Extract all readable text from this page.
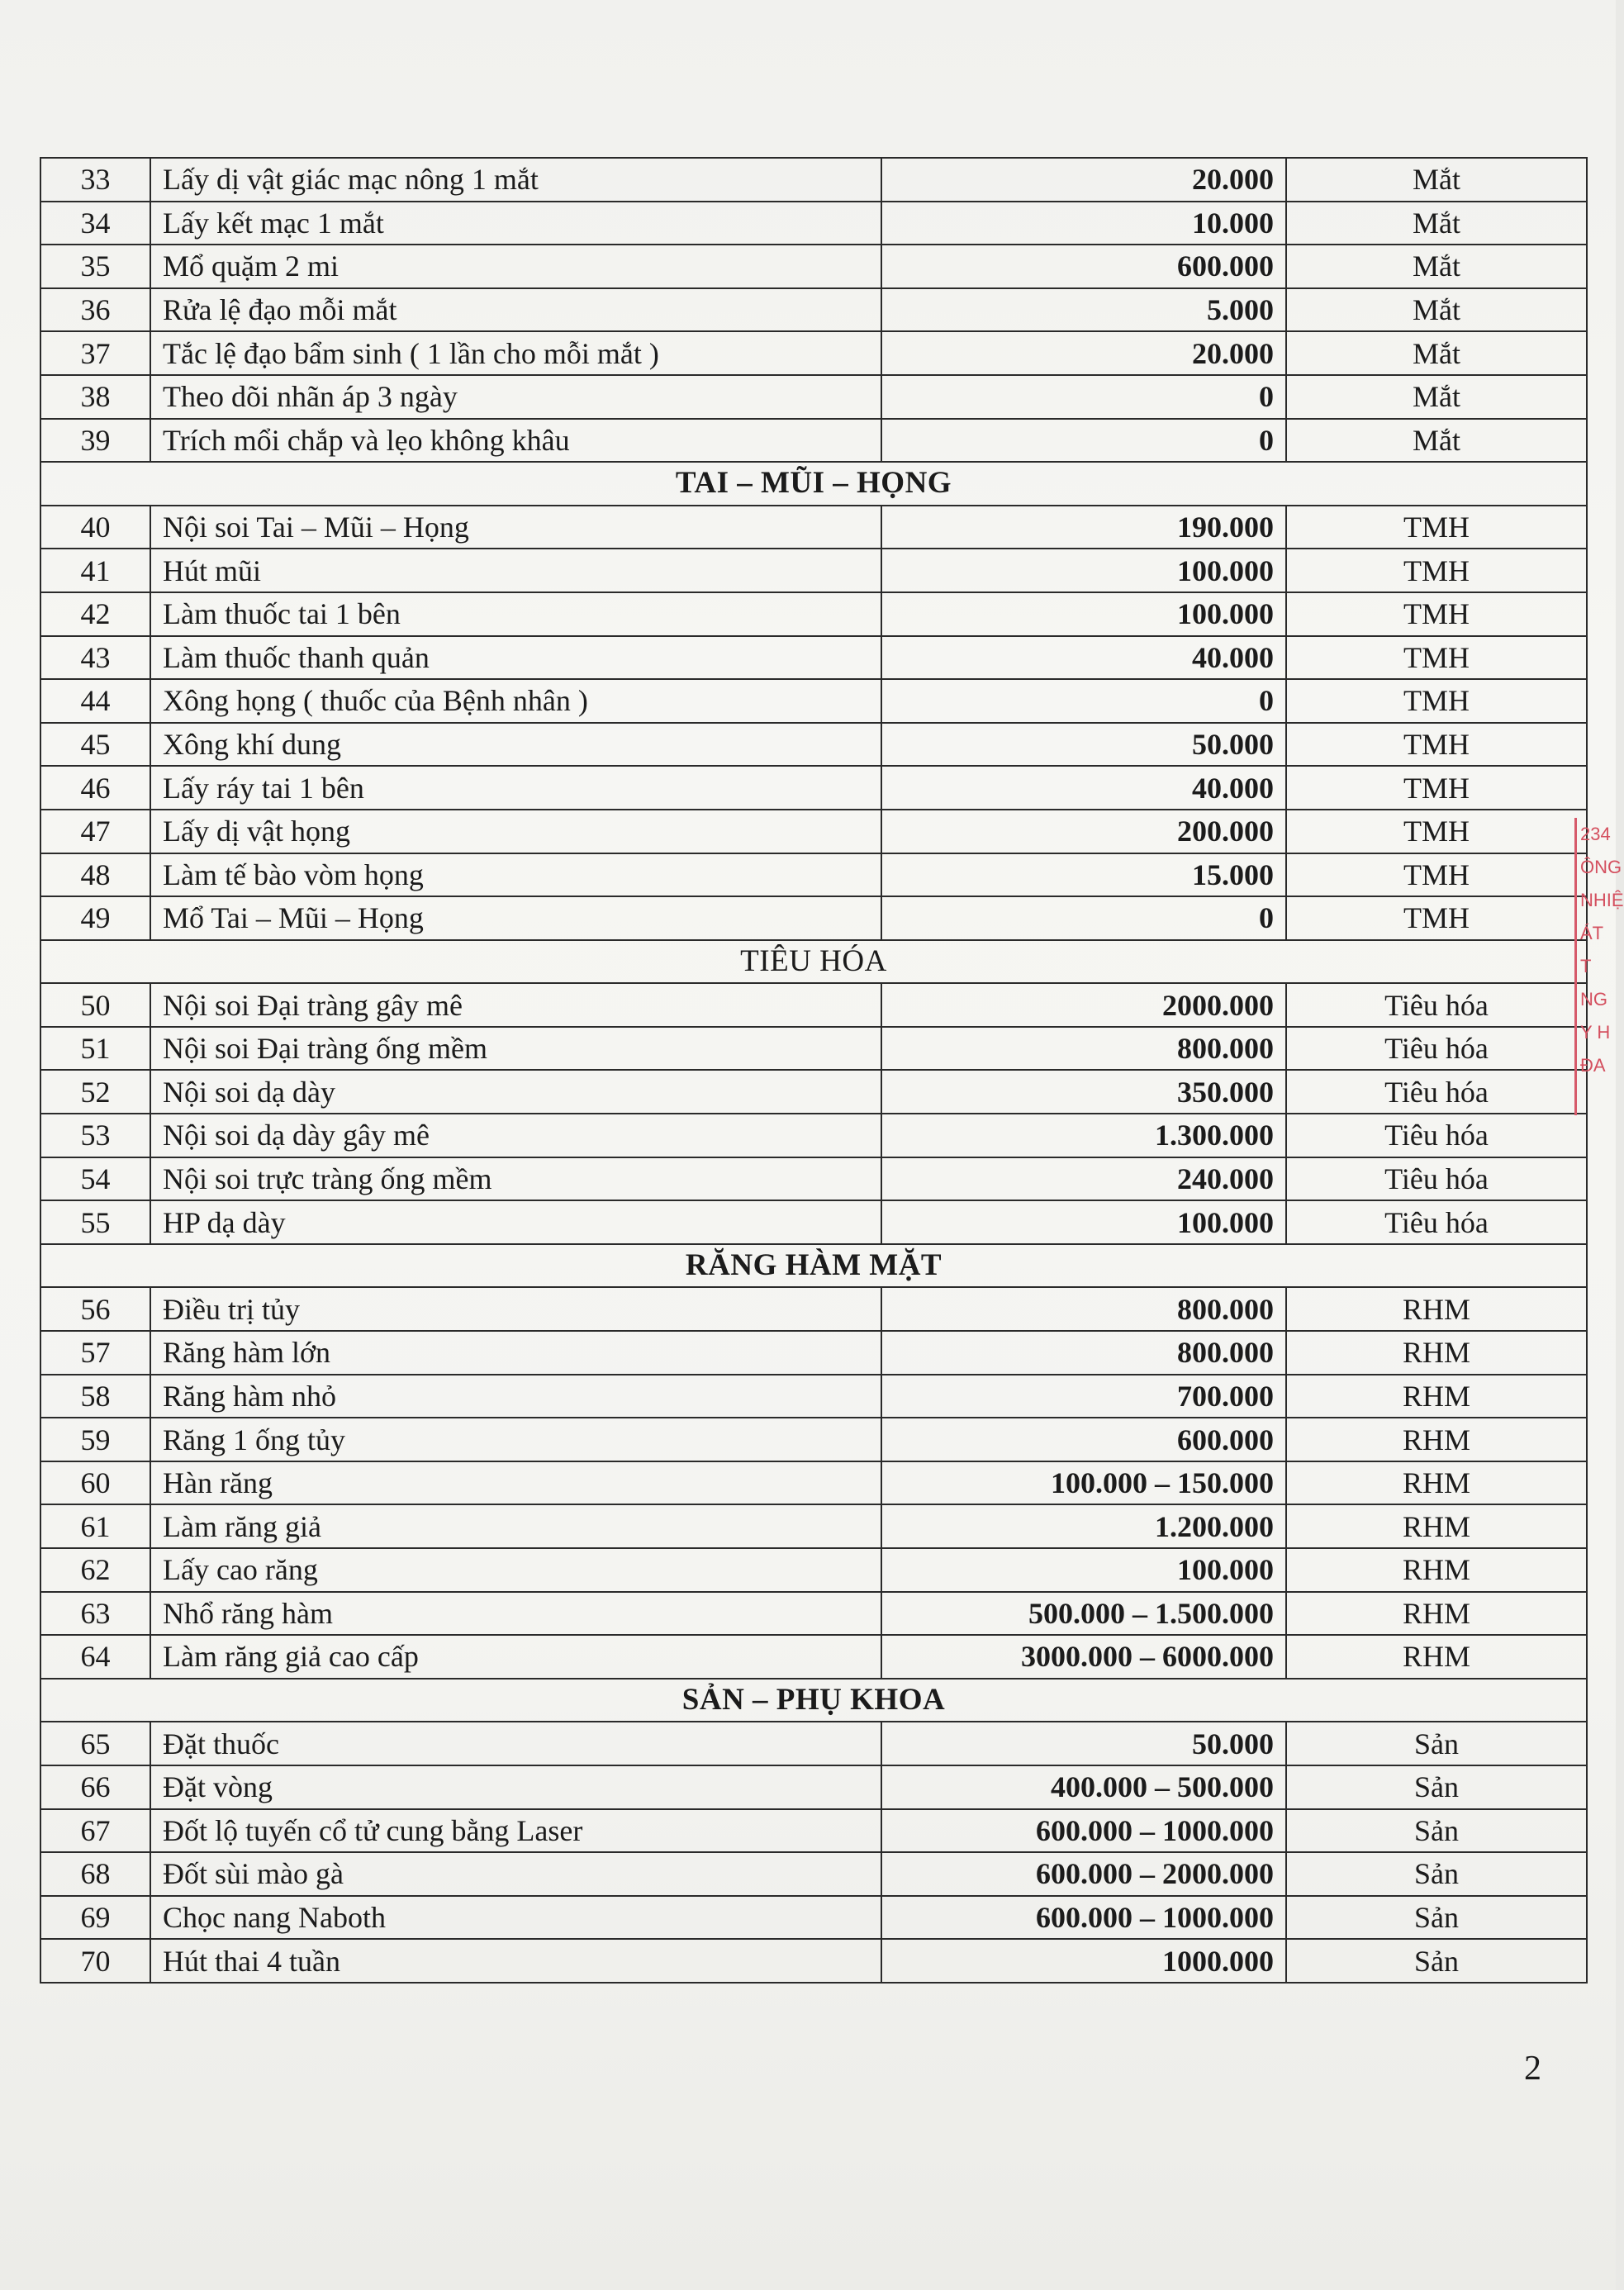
33	Lấy dị vật giác mạc nông 1 mắt	20.000	Mắt
34	Lấy kết mạc 1 mắt	10.000	Mắt
35	Mổ quặm 2 mi	600.000	Mắt
36	Rửa lệ đạo mỗi mắt	5.000	Mắt
37	Tắc lệ đạo bẩm sinh ( 1 lần cho mỗi mắt )	20.000	Mắt
38	Theo dõi nhãn áp 3 ngày	0	Mắt
39	Trích mổi chắp và lẹo không khâu	0	Mắt
TAI – MŨI – HỌNG			
40	Nội soi Tai – Mũi – Họng	190.000	TMH
41	Hút mũi	100.000	TMH
42	Làm thuốc tai 1 bên	100.000	TMH
43	Làm thuốc thanh quản	40.000	TMH
44	Xông họng ( thuốc của Bệnh nhân )	0	TMH
45	Xông khí dung	50.000	TMH
46	Lấy ráy tai 1 bên	40.000	TMH
47	Lấy dị vật họng	200.000	TMH
48	Làm tế bào vòm họng	15.000	TMH
49	Mổ Tai – Mũi – Họng	0	TMH
TIÊU HÓA			
50	Nội soi Đại tràng gây mê	2000.000	Tiêu hóa
51	Nội soi Đại tràng ống mềm	800.000	Tiêu hóa
52	Nội soi dạ dày	350.000	Tiêu hóa
53	Nội soi dạ dày gây mê	1.300.000	Tiêu hóa
54	Nội soi trực tràng ống mềm	240.000	Tiêu hóa
55	HP dạ dày	100.000	Tiêu hóa
RĂNG HÀM MẶT			
56	Điều trị tủy	800.000	RHM
57	Răng hàm lớn	800.000	RHM
58	Răng hàm nhỏ	700.000	RHM
59	Răng 1 ống tủy	600.000	RHM
60	Hàn răng	100.000 – 150.000	RHM
61	Làm răng giả	1.200.000	RHM
62	Lấy cao răng	100.000	RHM
63	Nhổ răng hàm	500.000 – 1.500.000	RHM
64	Làm răng giả cao cấp	3000.000 – 6000.000	RHM
SẢN – PHỤ KHOA			
65	Đặt thuốc	50.000	Sản
66	Đặt vòng	400.000 – 500.000	Sản
67	Đốt lộ tuyến cổ tử cung bằng Laser	600.000 – 1000.000	Sản
68	Đốt sùi mào gà	600.000 – 2000.000	Sản
69	Chọc nang Naboth	600.000 – 1000.000	Sản
70	Hút thai 4 tuần	1000.000	Sản
234
ÔNG
NHIỆ
ÁT T
NG
Y H
ĐA
2
